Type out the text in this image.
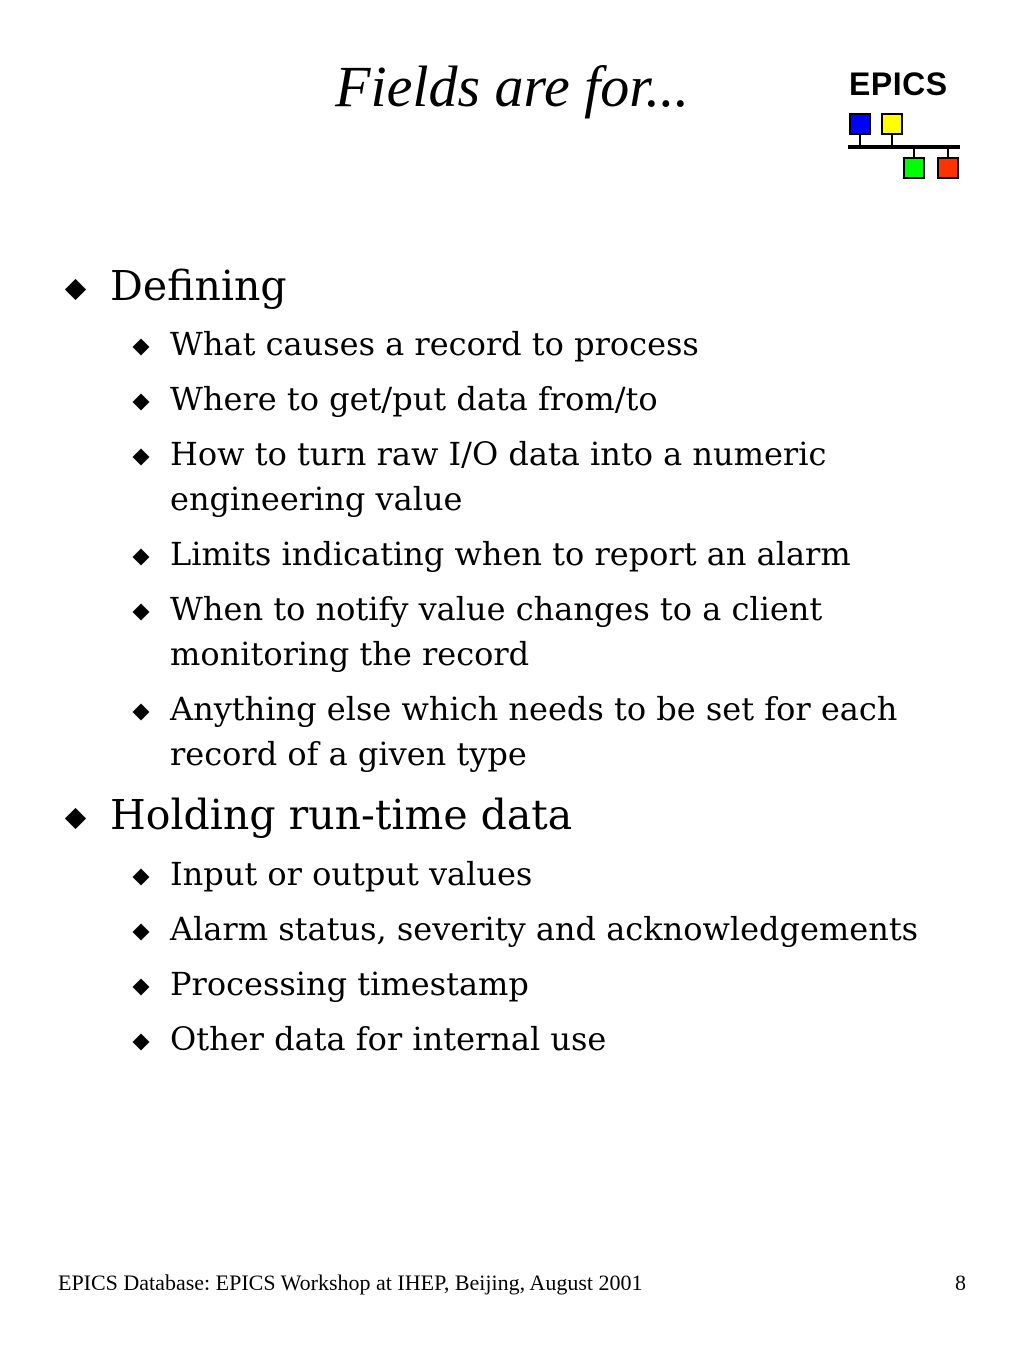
Fields are for...	EPICS
Defining
What causes a record to process
Where to get/put data from/to
How to turn raw I/O data into a numeric
engineering value
Limits indicating when to report an alarm
When to notify value changes to a client
monitoring the record
Anything else which needs to be set for each
record of a given type
Holding run-time data
Input or output values
Alarm status, severity and acknowledgements
Processing timestamp
Other data for internal use
EPICS Database: EPICS Workshop at IHEP, Beijing, August 2001	8
